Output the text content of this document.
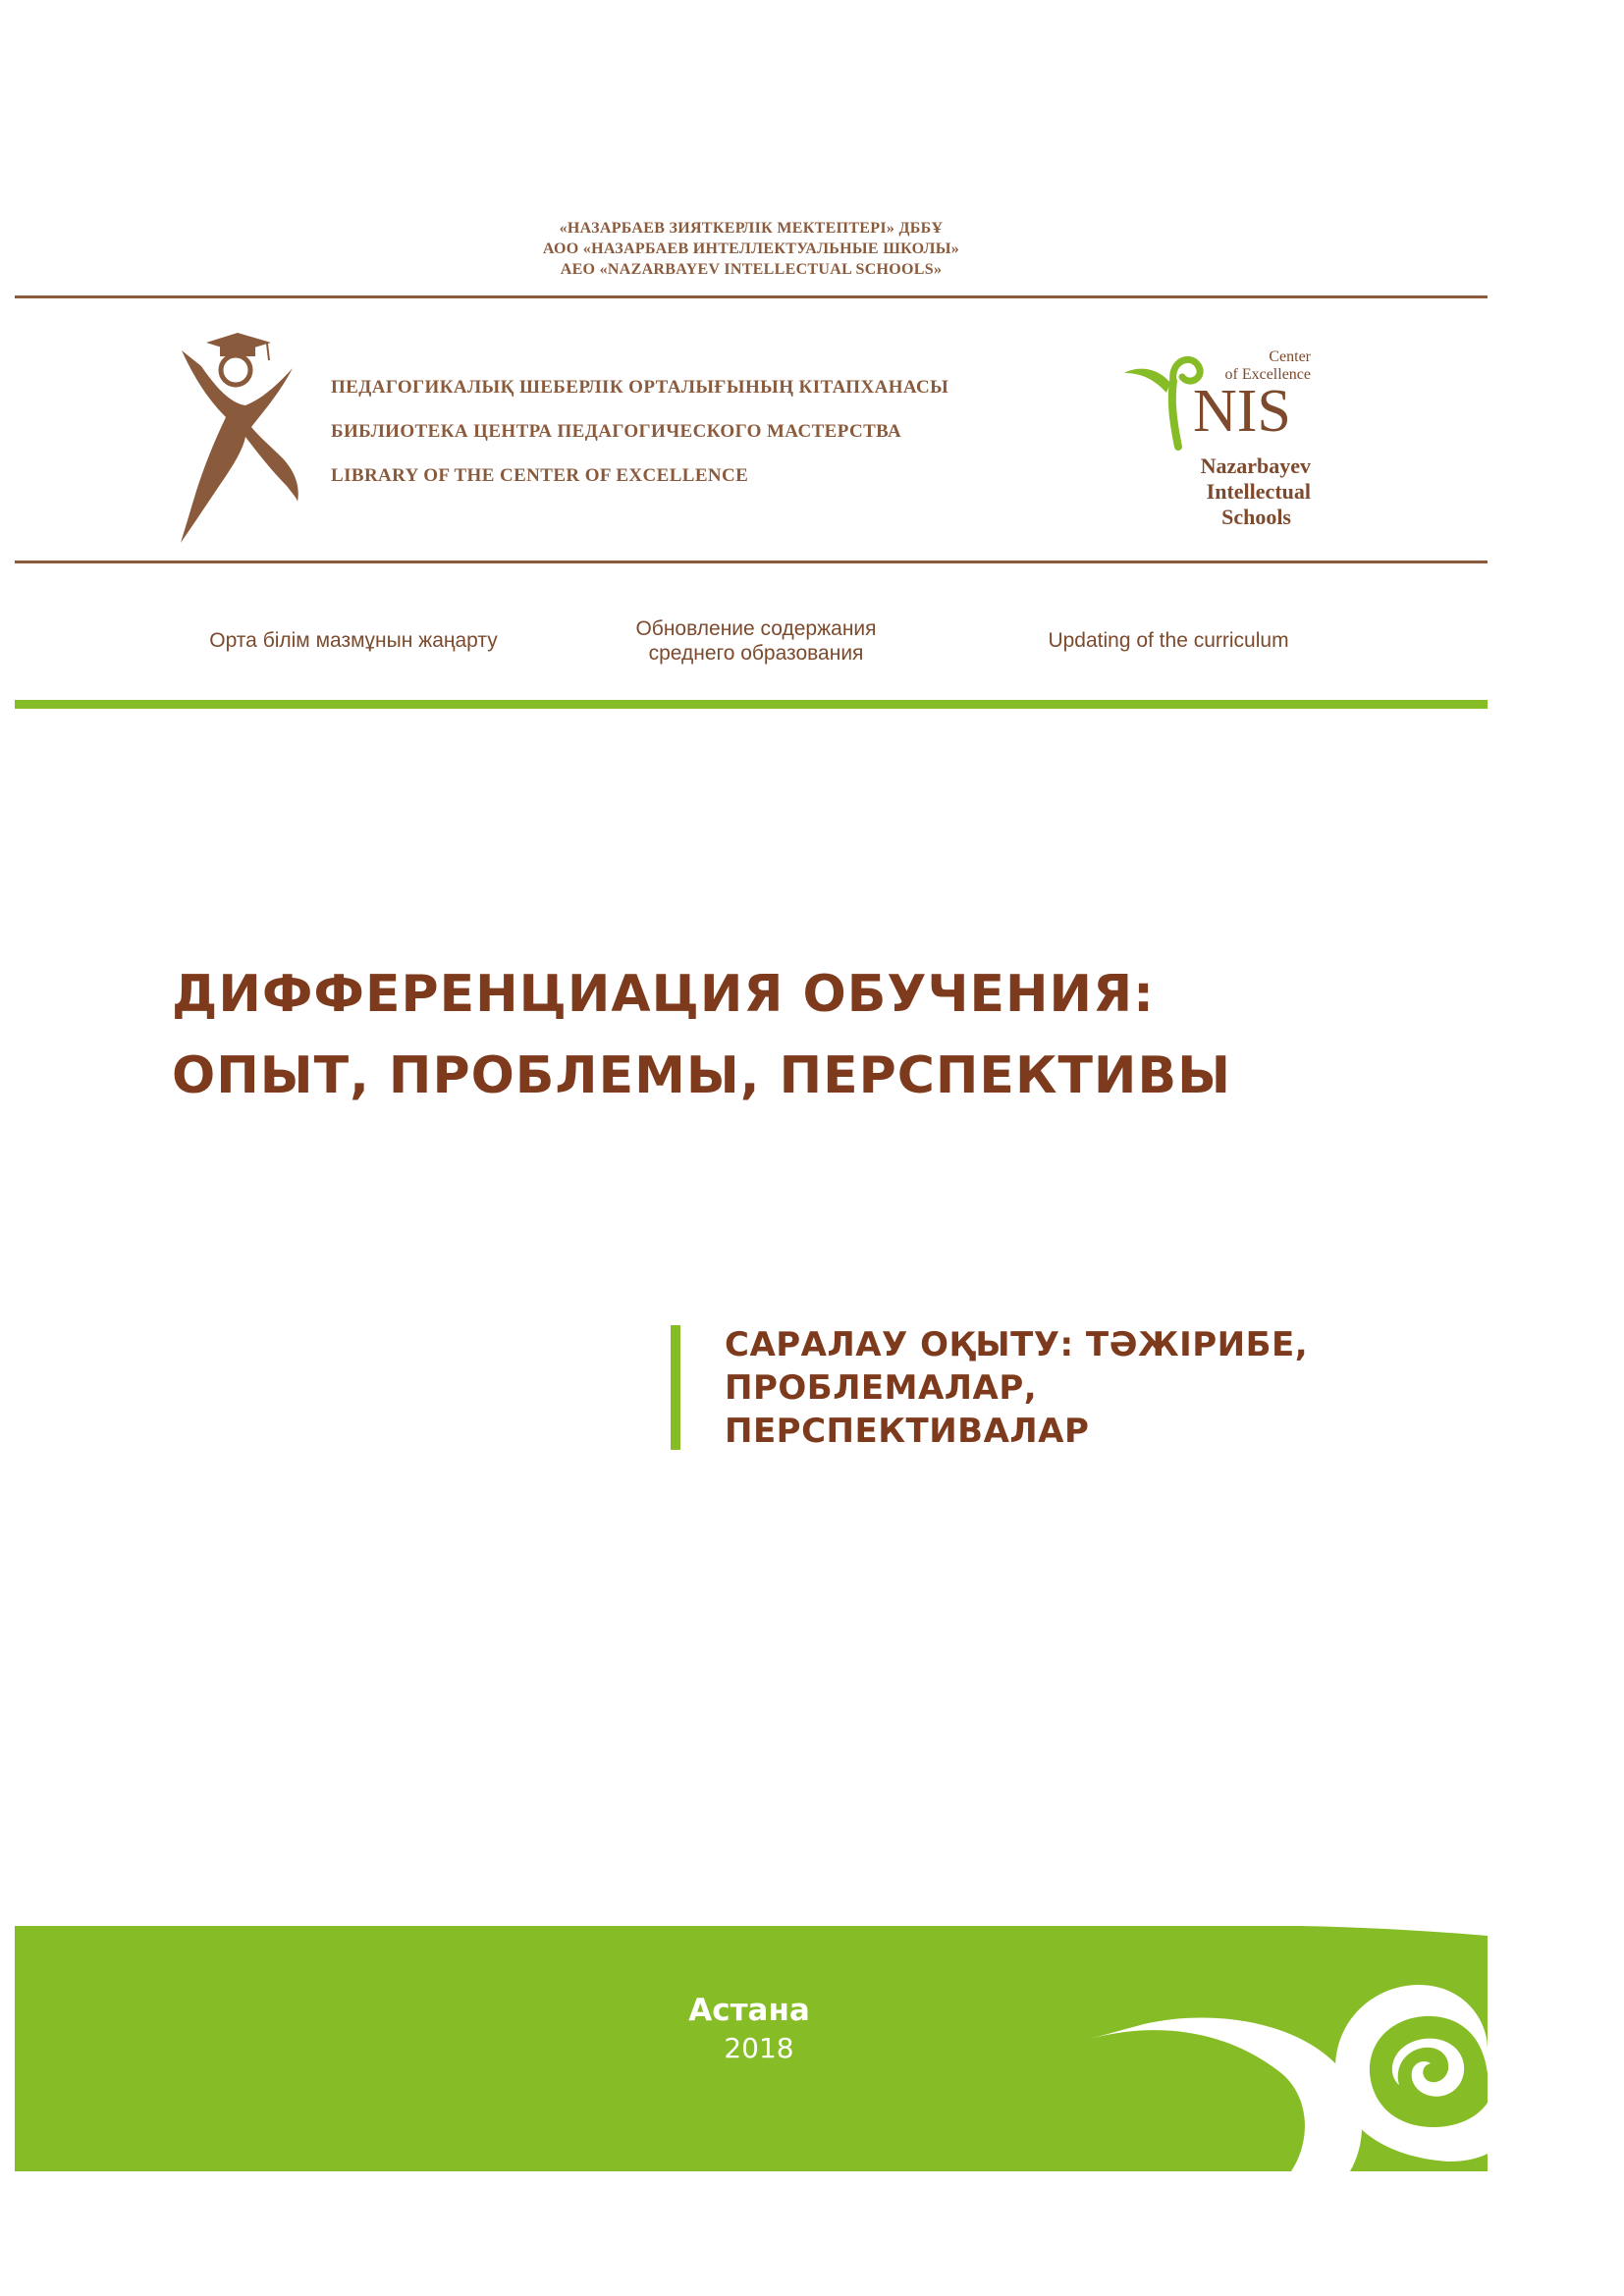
«НАЗАРБАЕВ ЗИЯТКЕРЛІК МЕКТЕПТЕРІ» ДББҰ
АОО «НАЗАРБАЕВ ИНТЕЛЛЕКТУАЛЬНЫЕ ШКОЛЫ»
АЕО «NAZARBAYEV INTELLECTUAL SCHOOLS»
ПЕДАГОГИКАЛЫҚ ШЕБЕРЛІК ОРТАЛЫҒЫНЫҢ КІТАПХАНАСЫ
БИБЛИОТЕКА ЦЕНТРА ПЕДАГОГИЧЕСКОГО МАСТЕРСТВА
LIBRARY OF THE CENTER OF EXCELLENCE
Center
of Excellence
NIS
Nazarbayev
Intellectual
Schools
Орта білім мазмұнын жаңарту
Обновление содержания
среднего образования
Updating of the curriculum
ДИФФЕРЕНЦИАЦИЯ ОБУЧЕНИЯ:
ОПЫТ, ПРОБЛЕМЫ, ПЕРСПЕКТИВЫ
САРАЛАУ ОҚЫТУ: ТӘЖІРИБЕ,
ПРОБЛЕМАЛАР,
ПЕРСПЕКТИВАЛАР
Астана
2018
